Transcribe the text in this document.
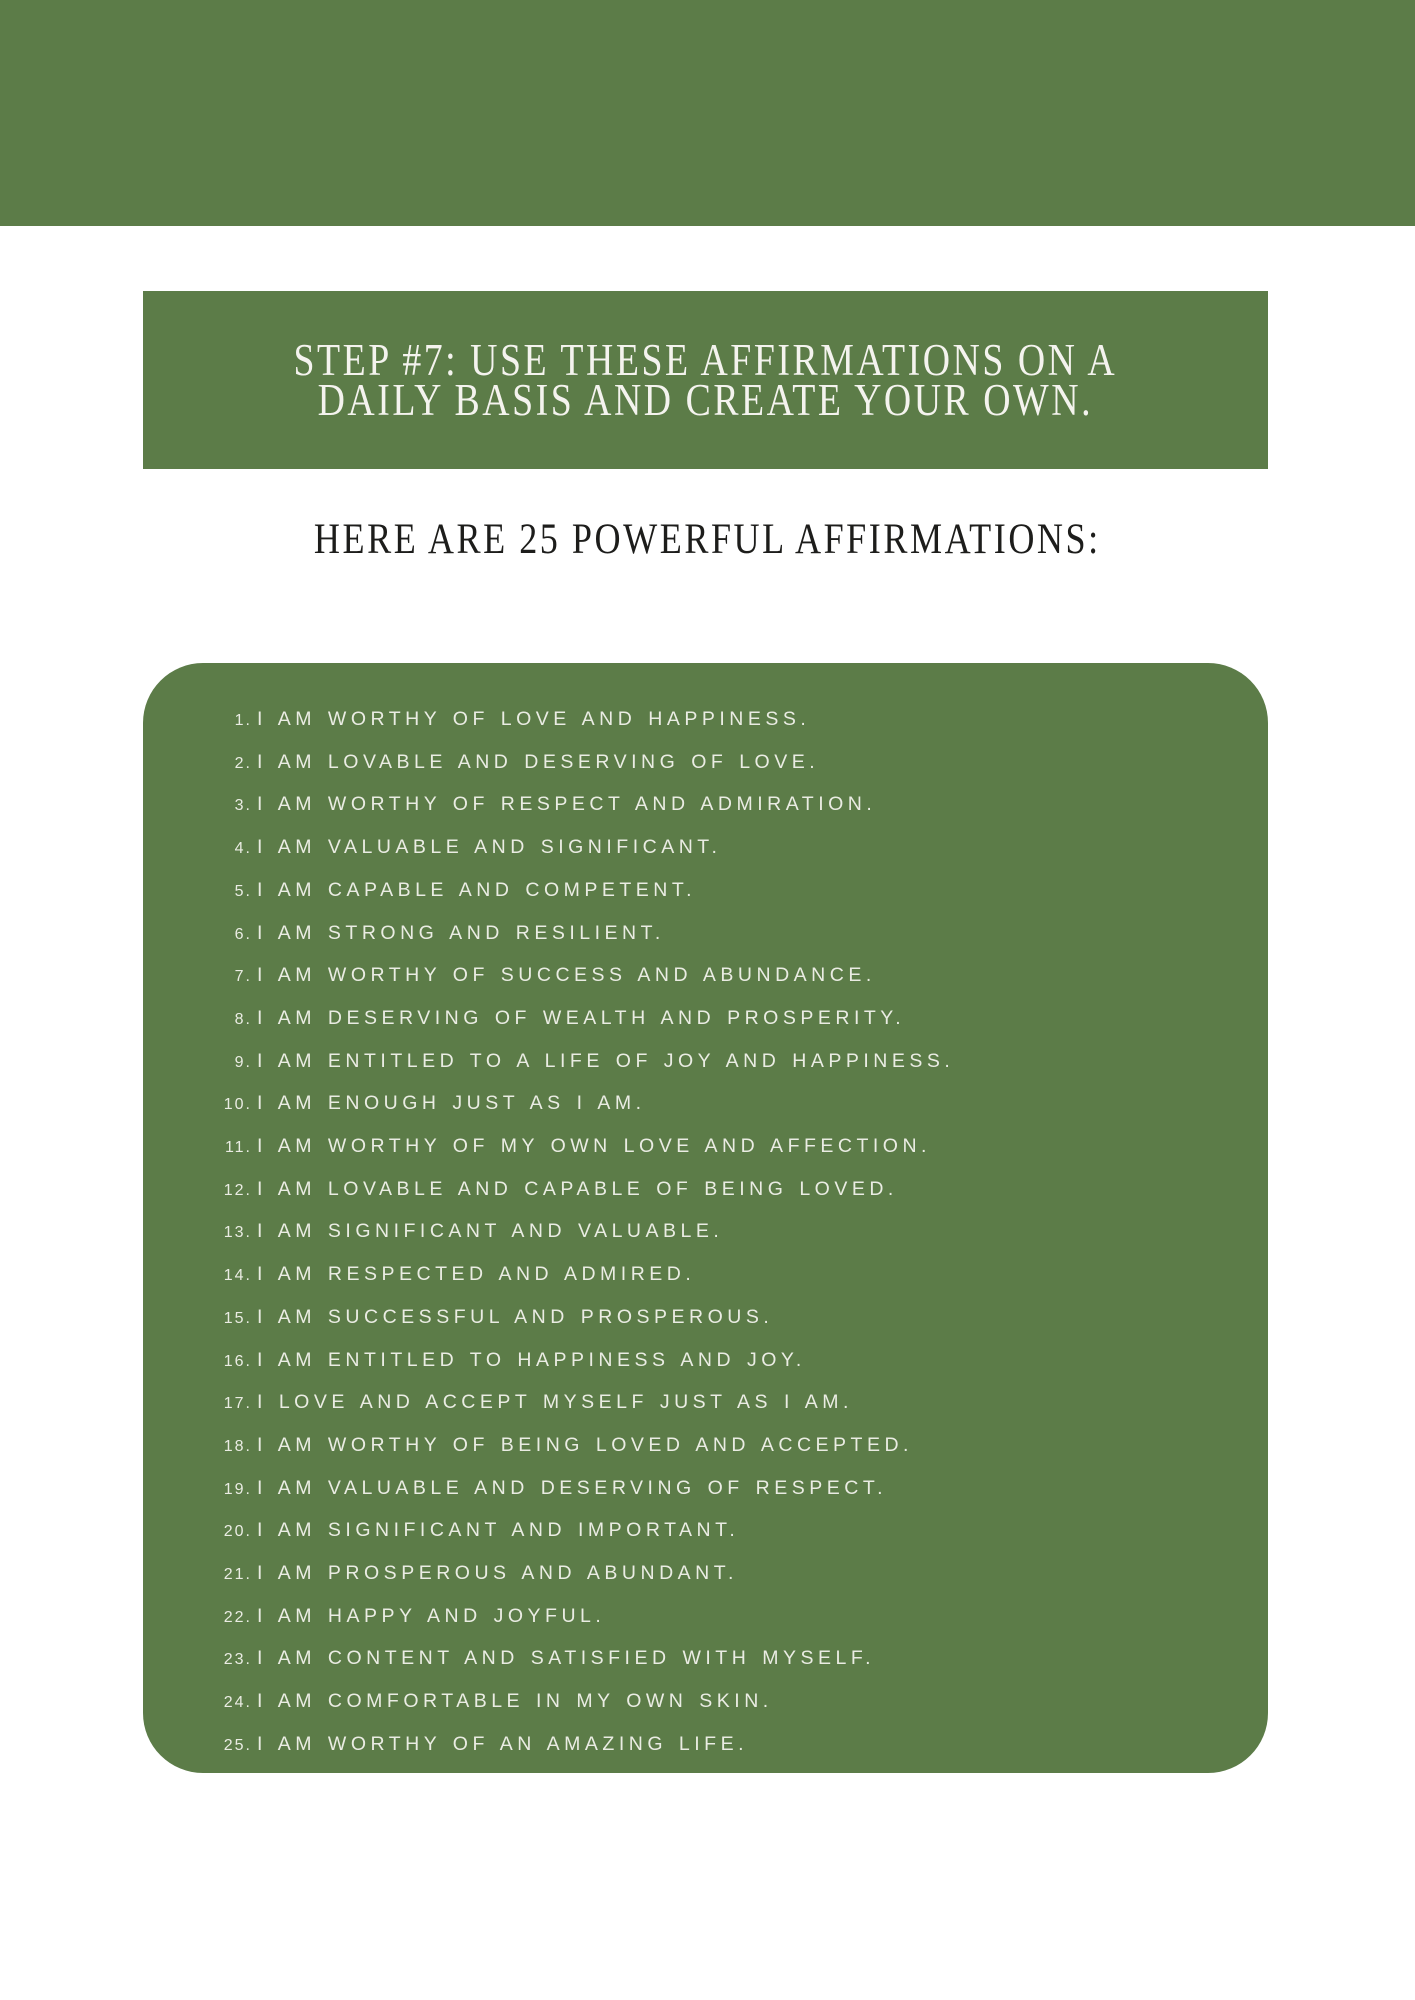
STEP #7: USE THESE AFFIRMATIONS ON A
DAILY BASIS AND CREATE YOUR OWN.
HERE ARE 25 POWERFUL AFFIRMATIONS:
1. I AM WORTHY OF LOVE AND HAPPINESS.
2. I AM LOVABLE AND DESERVING OF LOVE.
3. I AM WORTHY OF RESPECT AND ADMIRATION.
4. I AM VALUABLE AND SIGNIFICANT.
5. I AM CAPABLE AND COMPETENT.
6. I AM STRONG AND RESILIENT.
7. I AM WORTHY OF SUCCESS AND ABUNDANCE.
8. I AM DESERVING OF WEALTH AND PROSPERITY.
9. I AM ENTITLED TO A LIFE OF JOY AND HAPPINESS.
10. I AM ENOUGH JUST AS I AM.
11. I AM WORTHY OF MY OWN LOVE AND AFFECTION.
12. I AM LOVABLE AND CAPABLE OF BEING LOVED.
13. I AM SIGNIFICANT AND VALUABLE.
14. I AM RESPECTED AND ADMIRED.
15. I AM SUCCESSFUL AND PROSPEROUS.
16. I AM ENTITLED TO HAPPINESS AND JOY.
17. I LOVE AND ACCEPT MYSELF JUST AS I AM.
18. I AM WORTHY OF BEING LOVED AND ACCEPTED.
19. I AM VALUABLE AND DESERVING OF RESPECT.
20. I AM SIGNIFICANT AND IMPORTANT.
21. I AM PROSPEROUS AND ABUNDANT.
22. I AM HAPPY AND JOYFUL.
23. I AM CONTENT AND SATISFIED WITH MYSELF.
24. I AM COMFORTABLE IN MY OWN SKIN.
25. I AM WORTHY OF AN AMAZING LIFE.
